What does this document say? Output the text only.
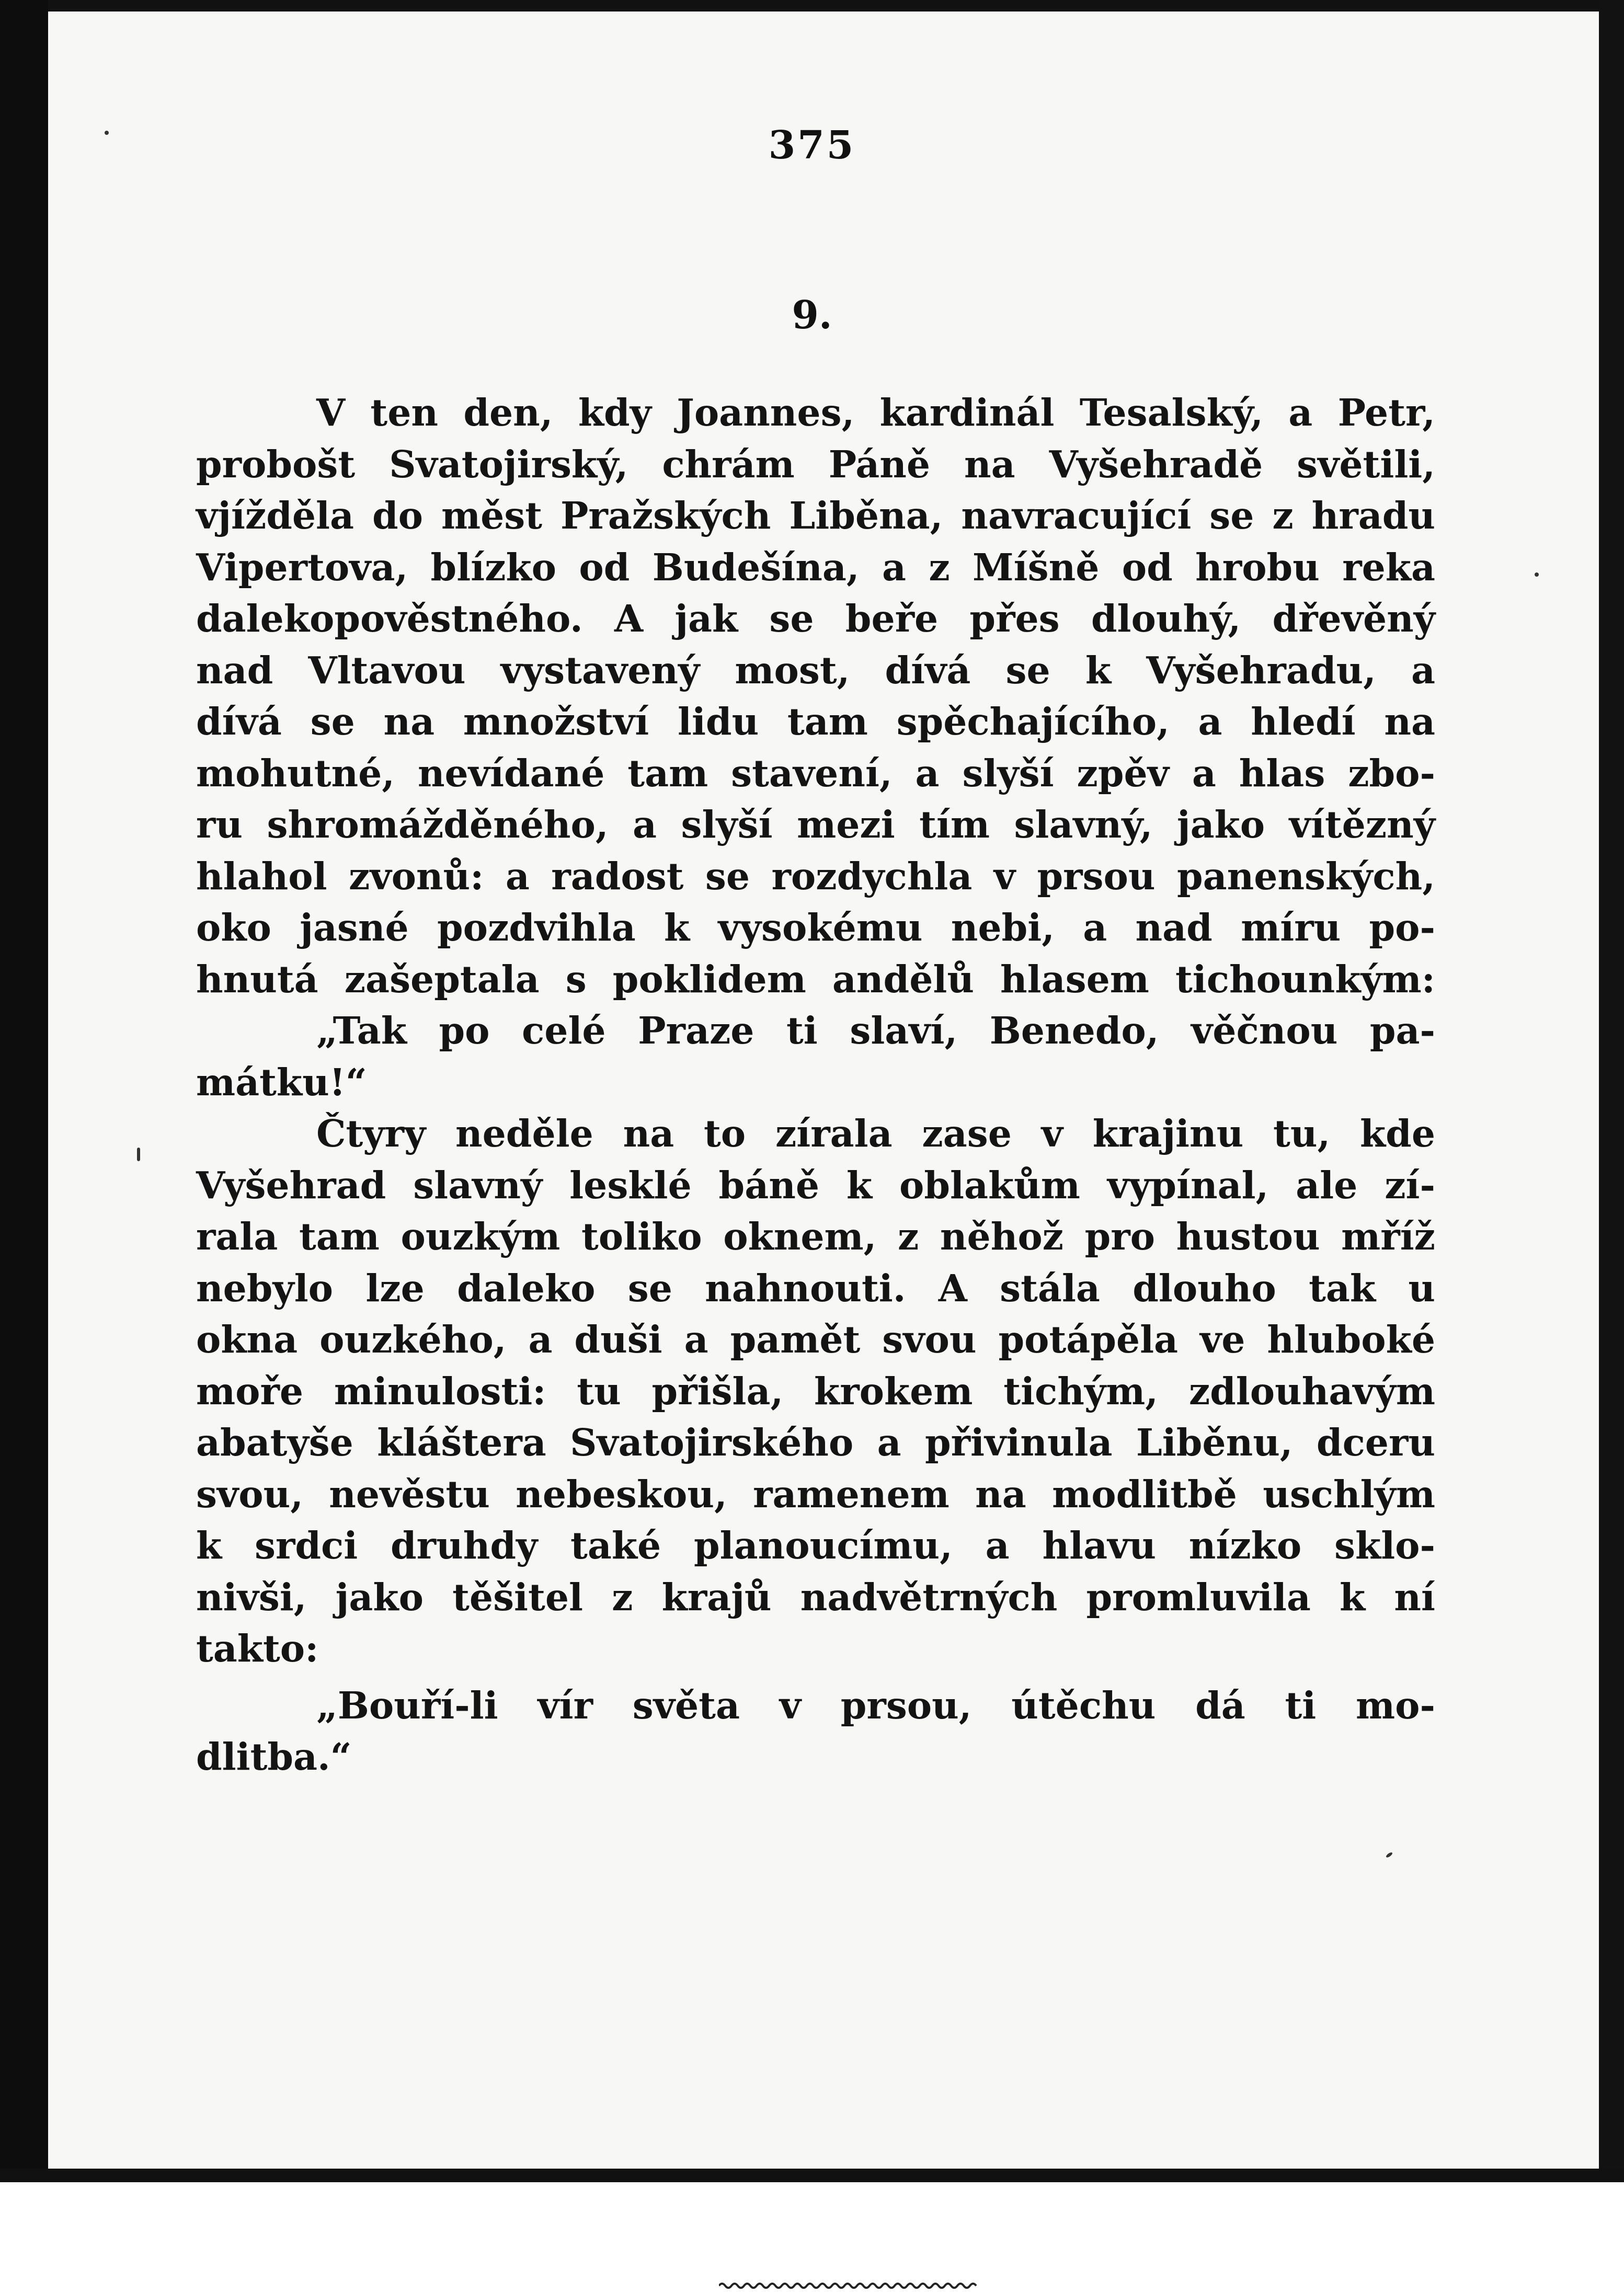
375
9.
V ten den, kdy Joannes, kardinál Tesalský, a Petr,
probošt Svatojirský, chrám Páně na Vyšehradě světili,
vjížděla do měst Pražských Liběna, navracující se z hradu
Vipertova, blízko od Budešína, a z Míšně od hrobu reka
dalekopověstného. A jak se beře přes dlouhý, dřevěný
nad Vltavou vystavený most, dívá se k Vyšehradu, a
dívá se na množství lidu tam spěchajícího, a hledí na
mohutné, nevídané tam stavení, a slyší zpěv a hlas zbo-
ru shromážděného, a slyší mezi tím slavný, jako vítězný
hlahol zvonů: a radost se rozdychla v prsou panenských,
oko jasné pozdvihla k vysokému nebi, a nad míru po-
hnutá zašeptala s poklidem andělů hlasem tichounkým:
„Tak po celé Praze ti slaví, Benedo, věčnou pa-
mátku!“
Čtyry neděle na to zírala zase v krajinu tu, kde
Vyšehrad slavný lesklé báně k oblakům vypínal, ale zí-
rala tam ouzkým toliko oknem, z něhož pro hustou mříž
nebylo lze daleko se nahnouti. A stála dlouho tak u
okna ouzkého, a duši a pamět svou potápěla ve hluboké
moře minulosti: tu přišla, krokem tichým, zdlouhavým
abatyše kláštera Svatojirského a přivinula Liběnu, dceru
svou, nevěstu nebeskou, ramenem na modlitbě uschlým
k srdci druhdy také planoucímu, a hlavu nízko sklo-
nivši, jako těšitel z krajů nadvětrných promluvila k ní
takto:
„Bouří-li vír světa v prsou, útěchu dá ti mo-
dlitba.“
